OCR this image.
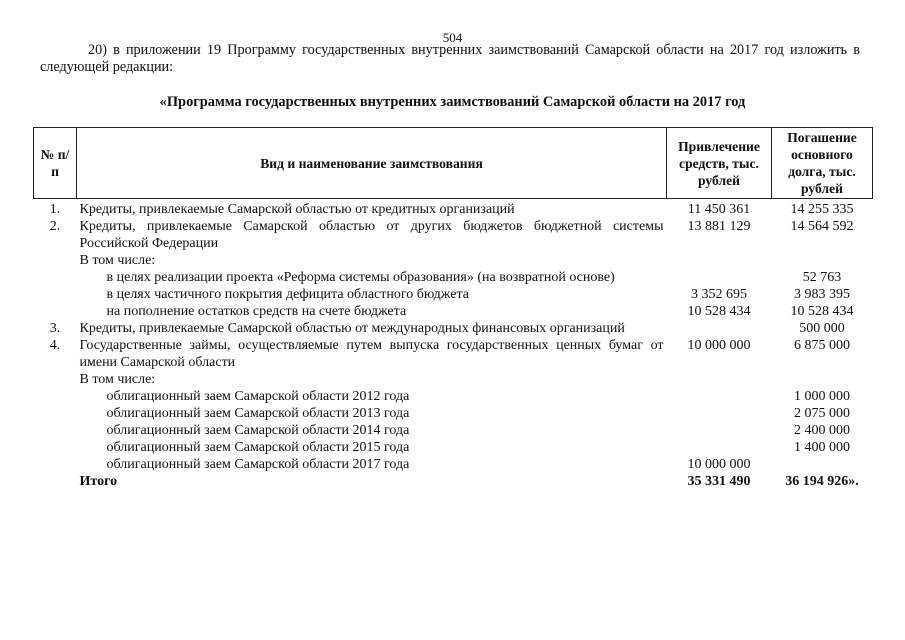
504

20) в приложении 19 Программу государственных внутренних заимствований Самарской области на 2017 год изложить в следующей редакции:

«Программа государственных внутренних заимствований Самарской области на 2017 год
№ п/п	Вид и наименование заимствования	Привлечение средств, тыс. рублей	Погашение основного долга, тыс. рублей
1.	Кредиты, привлекаемые Самарской областью от кредитных организаций	11 450 361	14 255 335
2.	Кредиты, привлекаемые Самарской областью от других бюджетов бюджетной системы Российской Федерации	13 881 129	14 564 592
	В том числе:		
	в целях реализации проекта «Реформа системы образования» (на возвратной основе)		52 763
	в целях частичного покрытия дефицита областного бюджета	3 352 695	3 983 395
	на пополнение остатков средств на счете бюджета	10 528 434	10 528 434
3.	Кредиты, привлекаемые Самарской областью от международных финансовых организаций		500 000
4.	Государственные займы, осуществляемые путем выпуска государственных ценных бумаг от имени Самарской области	10 000 000	6 875 000
	В том числе:		
	облигационный заем Самарской области 2012 года		1 000 000
	облигационный заем Самарской области 2013 года		2 075 000
	облигационный заем Самарской области 2014 года		2 400 000
	облигационный заем Самарской области 2015 года		1 400 000
	облигационный заем Самарской области 2017 года	10 000 000	
	Итого	35 331 490	36 194 926».
